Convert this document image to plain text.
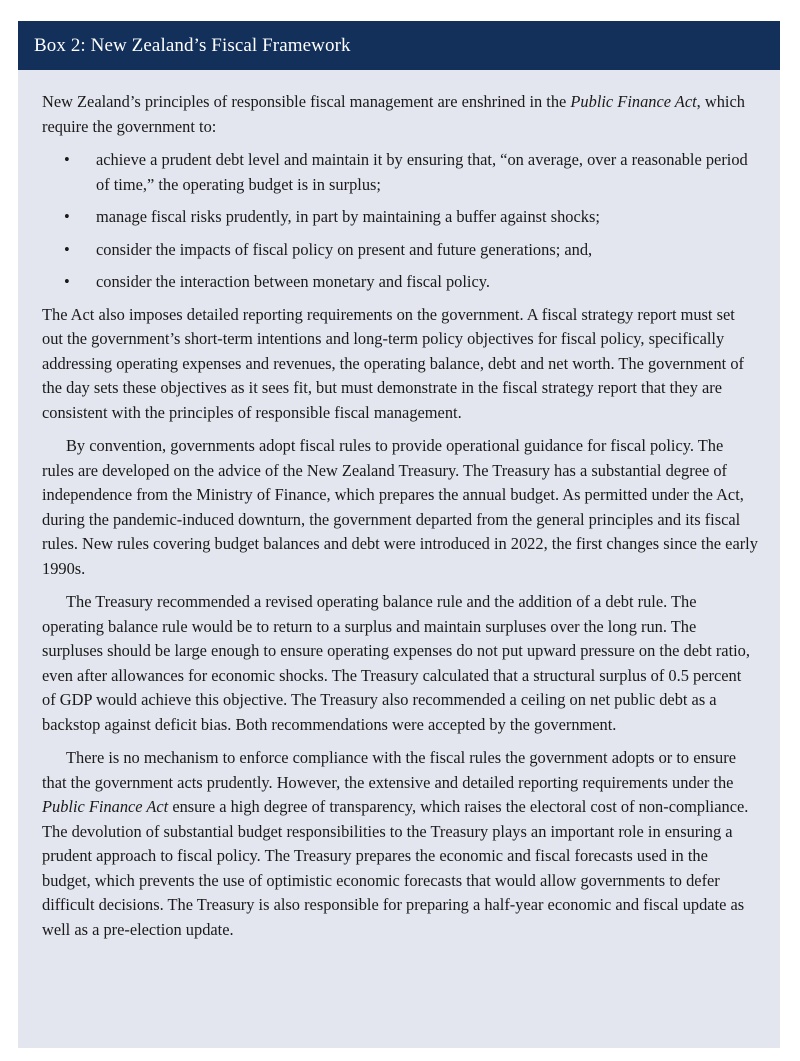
Box 2: New Zealand’s Fiscal Framework

New Zealand’s principles of responsible fiscal management are enshrined in the Public Finance Act, which require the government to:

• achieve a prudent debt level and maintain it by ensuring that, “on average, over a reasonable period of time,” the operating budget is in surplus;
• manage fiscal risks prudently, in part by maintaining a buffer against shocks;
• consider the impacts of fiscal policy on present and future generations; and,
• consider the interaction between monetary and fiscal policy.

The Act also imposes detailed reporting requirements on the government. A fiscal strategy report must set out the government’s short-term intentions and long-term policy objectives for fiscal policy, specifically addressing operating expenses and revenues, the operating balance, debt and net worth. The government of the day sets these objectives as it sees fit, but must demonstrate in the fiscal strategy report that they are consistent with the principles of responsible fiscal management.

By convention, governments adopt fiscal rules to provide operational guidance for fiscal policy. The rules are developed on the advice of the New Zealand Treasury. The Treasury has a substantial degree of independence from the Ministry of Finance, which prepares the annual budget. As permitted under the Act, during the pandemic-induced downturn, the government departed from the general principles and its fiscal rules. New rules covering budget balances and debt were introduced in 2022, the first changes since the early 1990s.

The Treasury recommended a revised operating balance rule and the addition of a debt rule. The operating balance rule would be to return to a surplus and maintain surpluses over the long run. The surpluses should be large enough to ensure operating expenses do not put upward pressure on the debt ratio, even after allowances for economic shocks. The Treasury calculated that a structural surplus of 0.5 percent of GDP would achieve this objective. The Treasury also recommended a ceiling on net public debt as a backstop against deficit bias. Both recommendations were accepted by the government.

There is no mechanism to enforce compliance with the fiscal rules the government adopts or to ensure that the government acts prudently. However, the extensive and detailed reporting requirements under the Public Finance Act ensure a high degree of transparency, which raises the electoral cost of non-compliance. The devolution of substantial budget responsibilities to the Treasury plays an important role in ensuring a prudent approach to fiscal policy. The Treasury prepares the economic and fiscal forecasts used in the budget, which prevents the use of optimistic economic forecasts that would allow governments to defer difficult decisions. The Treasury is also responsible for preparing a half-year economic and fiscal update as well as a pre-election update.
